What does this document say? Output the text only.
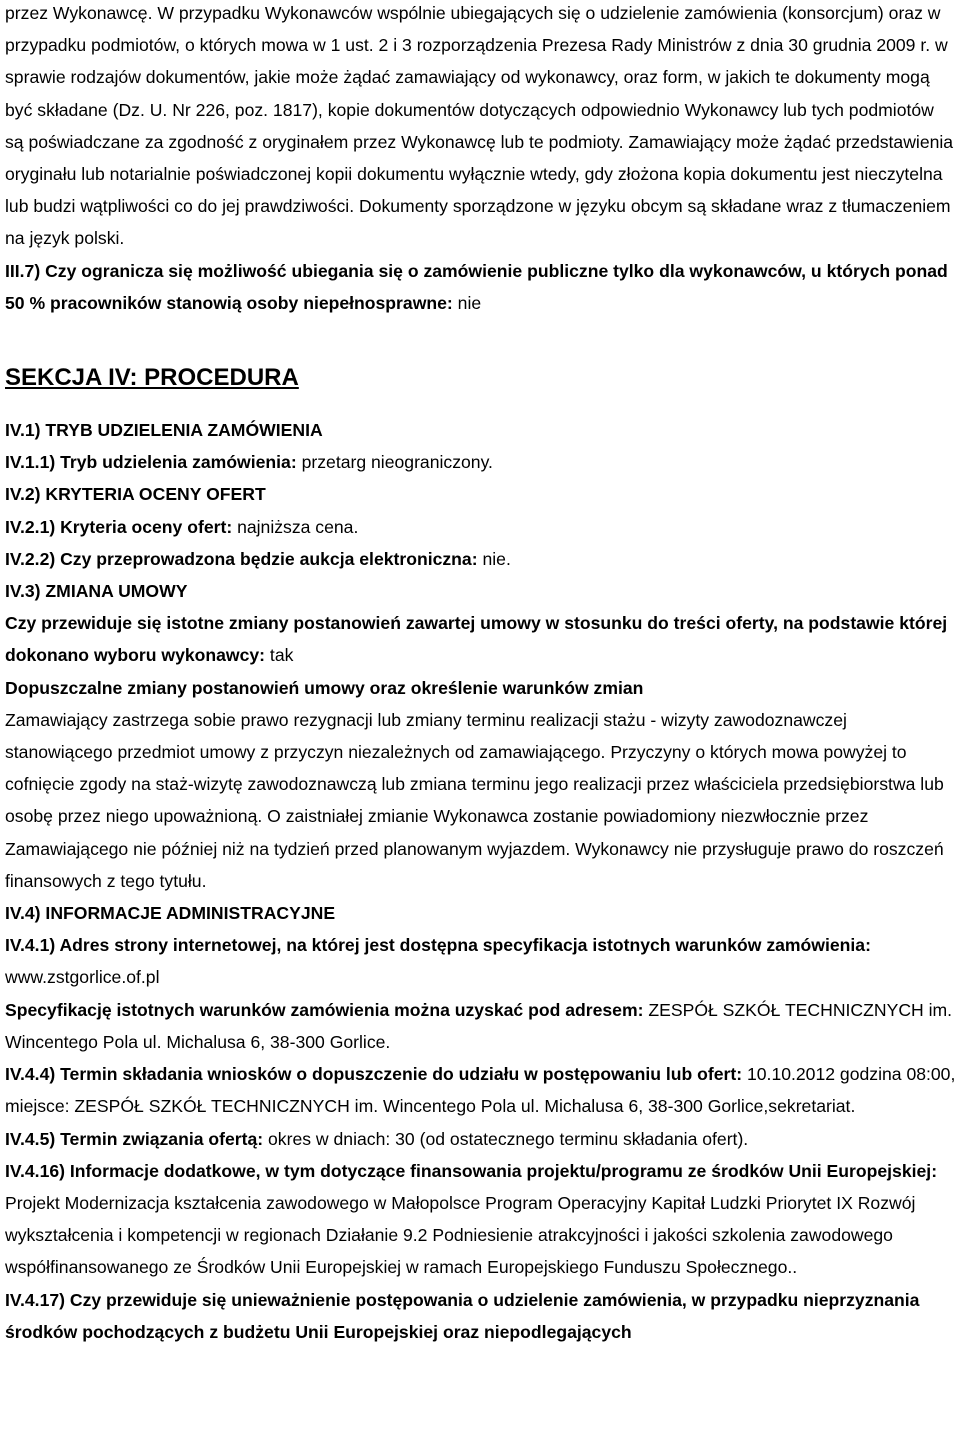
przez Wykonawcę. W przypadku Wykonawców wspólnie ubiegających się o udzielenie zamówienia (konsorcjum) oraz w przypadku podmiotów, o których mowa w 1 ust. 2 i 3 rozporządzenia Prezesa Rady Ministrów z dnia 30 grudnia 2009 r. w sprawie rodzajów dokumentów, jakie może żądać zamawiający od wykonawcy, oraz form, w jakich te dokumenty mogą być składane (Dz. U. Nr 226, poz. 1817), kopie dokumentów dotyczących odpowiednio Wykonawcy lub tych podmiotów są poświadczane za zgodność z oryginałem przez Wykonawcę lub te podmioty. Zamawiający może żądać przedstawienia oryginału lub notarialnie poświadczonej kopii dokumentu wyłącznie wtedy, gdy złożona kopia dokumentu jest nieczytelna lub budzi wątpliwości co do jej prawdziwości. Dokumenty sporządzone w języku obcym są składane wraz z tłumaczeniem na język polski.

III.7) Czy ogranicza się możliwość ubiegania się o zamówienie publiczne tylko dla wykonawców, u których ponad 50 % pracowników stanowią osoby niepełnosprawne: nie

SEKCJA IV: PROCEDURA

IV.1) TRYB UDZIELENIA ZAMÓWIENIA

IV.1.1) Tryb udzielenia zamówienia: przetarg nieograniczony.

IV.2) KRYTERIA OCENY OFERT

IV.2.1) Kryteria oceny ofert: najniższa cena.

IV.2.2) Czy przeprowadzona będzie aukcja elektroniczna: nie.

IV.3) ZMIANA UMOWY

Czy przewiduje się istotne zmiany postanowień zawartej umowy w stosunku do treści oferty, na podstawie której dokonano wyboru wykonawcy: tak

Dopuszczalne zmiany postanowień umowy oraz określenie warunków zmian

Zamawiający zastrzega sobie prawo rezygnacji lub zmiany terminu realizacji stażu - wizyty zawodoznawczej stanowiącego przedmiot umowy z przyczyn niezależnych od zamawiającego. Przyczyny o których mowa powyżej to cofnięcie zgody na staż-wizytę zawodoznawczą lub zmiana terminu jego realizacji przez właściciela przedsiębiorstwa lub osobę przez niego upoważnioną. O zaistniałej zmianie Wykonawca zostanie powiadomiony niezwłocznie przez Zamawiającego nie później niż na tydzień przed planowanym wyjazdem. Wykonawcy nie przysługuje prawo do roszczeń finansowych z tego tytułu.

IV.4) INFORMACJE ADMINISTRACYJNE

IV.4.1) Adres strony internetowej, na której jest dostępna specyfikacja istotnych warunków zamówienia: www.zstgorlice.of.pl

Specyfikację istotnych warunków zamówienia można uzyskać pod adresem: ZESPÓŁ SZKÓŁ TECHNICZNYCH im. Wincentego Pola ul. Michalusa 6, 38-300 Gorlice.

IV.4.4) Termin składania wniosków o dopuszczenie do udziału w postępowaniu lub ofert: 10.10.2012 godzina 08:00, miejsce: ZESPÓŁ SZKÓŁ TECHNICZNYCH im. Wincentego Pola ul. Michalusa 6, 38-300 Gorlice,sekretariat.

IV.4.5) Termin związania ofertą: okres w dniach: 30 (od ostatecznego terminu składania ofert).

IV.4.16) Informacje dodatkowe, w tym dotyczące finansowania projektu/programu ze środków Unii Europejskiej: Projekt Modernizacja kształcenia zawodowego w Małopolsce Program Operacyjny Kapitał Ludzki Priorytet IX Rozwój wykształcenia i kompetencji w regionach Działanie 9.2 Podniesienie atrakcyjności i jakości szkolenia zawodowego współfinansowanego ze Środków Unii Europejskiej w ramach Europejskiego Funduszu Społecznego..

IV.4.17) Czy przewiduje się unieważnienie postępowania o udzielenie zamówienia, w przypadku nieprzyznania środków pochodzących z budżetu Unii Europejskiej oraz niepodlegających
